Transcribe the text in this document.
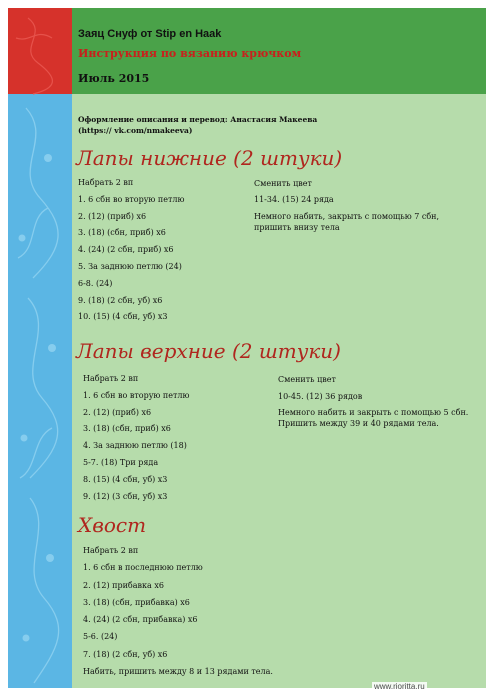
Заяц Снуф от Stip en Haak
Инструкция по вязанию крючком
Июль 2015
Оформление описания и перевод: Анастасия Макеева (https:// vk.com/nmakeeva)
Лапы нижние (2 штуки)
Набрать 2 вп
1. 6 сбн во вторую петлю
2. (12) (приб) х6
3. (18) (сбн, приб) х6
4. (24) (2 сбн, приб) х6
5. За заднюю петлю (24)
6-8. (24)
9. (18) (2 сбн, уб) х6
10. (15) (4 сбн, уб) х3
Сменить цвет
11-34. (15) 24 ряда
Немного набить, закрыть с помощью 7 сбн, пришить внизу тела
Лапы верхние (2 штуки)
Набрать 2 вп
1. 6 сбн во вторую петлю
2. (12) (приб) х6
3. (18) (сбн, приб) х6
4. За заднюю петлю (18)
5-7. (18) Три ряда
8. (15) (4 сбн, уб) х3
9. (12) (3 сбн, уб) х3
Сменить цвет
10-45. (12) 36 рядов
Немного набить и закрыть с помощью 5 сбн. Пришить между 39 и 40 рядами тела.
Хвост
Набрать 2 вп
1. 6 сбн в последнюю петлю
2. (12) прибавка х6
3. (18) (сбн, прибавка) х6
4. (24) (2 сбн, прибавка) х6
5-6. (24)
7. (18) (2 сбн, уб) х6
Набить, пришить между 8 и 13 рядами тела.
www.rioritta.ru
